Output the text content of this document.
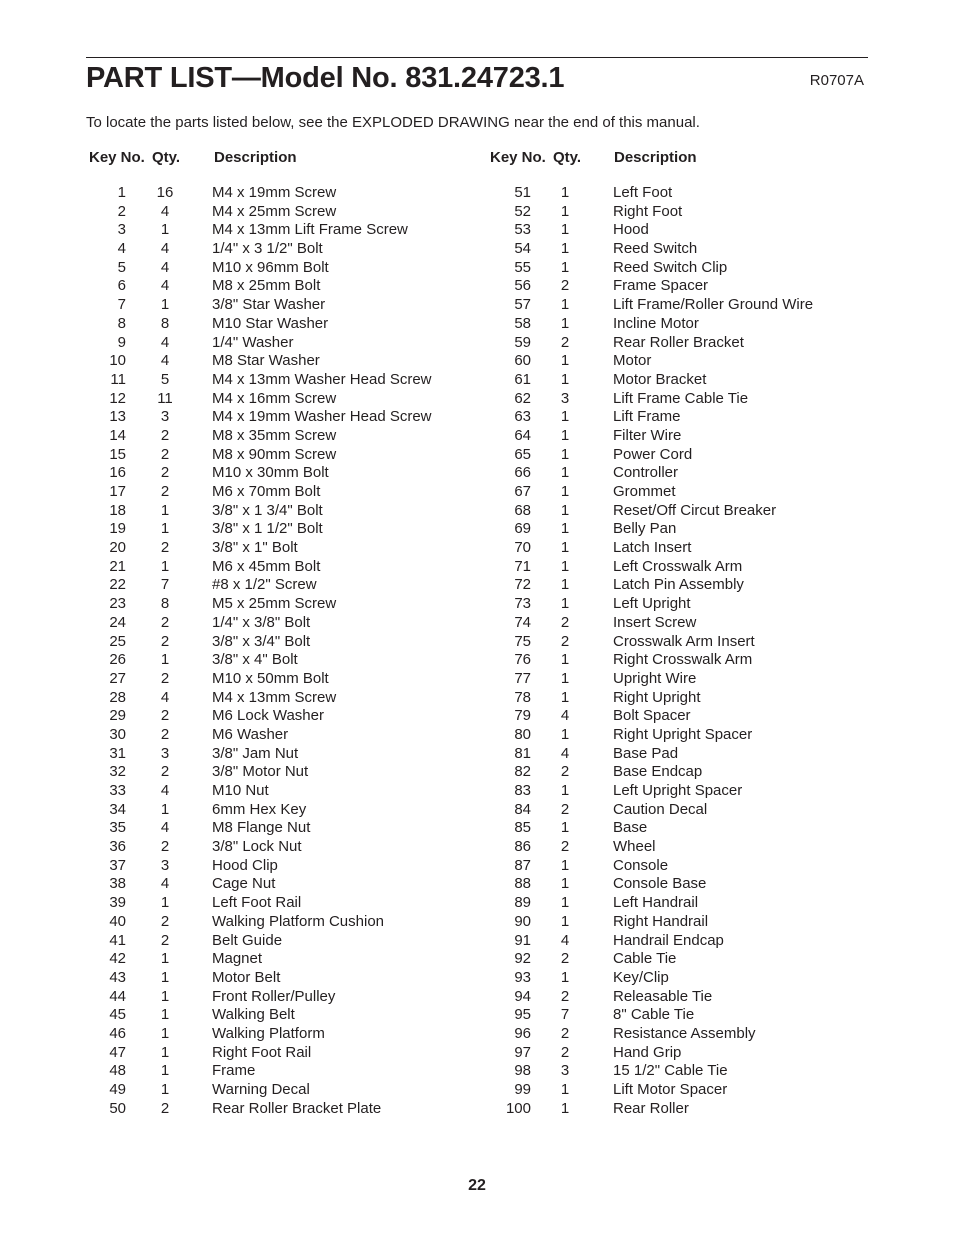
PART LIST—Model No. 831.24723.1	R0707A
To locate the parts listed below, see the EXPLODED DRAWING near the end of this manual.
Key No. Qty. Description
1	16	M4 x 19mm Screw
2	4	M4 x 25mm Screw
3	1	M4 x 13mm Lift Frame Screw
4	4	1/4" x 3 1/2" Bolt
5	4	M10 x 96mm Bolt
6	4	M8 x 25mm Bolt
7	1	3/8" Star Washer
8	8	M10 Star Washer
9	4	1/4" Washer
10	4	M8 Star Washer
11	5	M4 x 13mm Washer Head Screw
12	11	M4 x 16mm Screw
13	3	M4 x 19mm Washer Head Screw
14	2	M8 x 35mm Screw
15	2	M8 x 90mm Screw
16	2	M10 x 30mm Bolt
17	2	M6 x 70mm Bolt
18	1	3/8" x 1 3/4" Bolt
19	1	3/8" x 1 1/2" Bolt
20	2	3/8" x 1" Bolt
21	1	M6 x 45mm Bolt
22	7	#8 x 1/2" Screw
23	8	M5 x 25mm Screw
24	2	1/4" x 3/8" Bolt
25	2	3/8" x 3/4" Bolt
26	1	3/8" x 4" Bolt
27	2	M10 x 50mm Bolt
28	4	M4 x 13mm Screw
29	2	M6 Lock Washer
30	2	M6 Washer
31	3	3/8" Jam Nut
32	2	3/8" Motor Nut
33	4	M10 Nut
34	1	6mm Hex Key
35	4	M8 Flange Nut
36	2	3/8" Lock Nut
37	3	Hood Clip
38	4	Cage Nut
39	1	Left Foot Rail
40	2	Walking Platform Cushion
41	2	Belt Guide
42	1	Magnet
43	1	Motor Belt
44	1	Front Roller/Pulley
45	1	Walking Belt
46	1	Walking Platform
47	1	Right Foot Rail
48	1	Frame
49	1	Warning Decal
50	2	Rear Roller Bracket Plate
Key No. Qty. Description
51	1	Left Foot
52	1	Right Foot
53	1	Hood
54	1	Reed Switch
55	1	Reed Switch Clip
56	2	Frame Spacer
57	1	Lift Frame/Roller Ground Wire
58	1	Incline Motor
59	2	Rear Roller Bracket
60	1	Motor
61	1	Motor Bracket
62	3	Lift Frame Cable Tie
63	1	Lift Frame
64	1	Filter Wire
65	1	Power Cord
66	1	Controller
67	1	Grommet
68	1	Reset/Off Circut Breaker
69	1	Belly Pan
70	1	Latch Insert
71	1	Left Crosswalk Arm
72	1	Latch Pin Assembly
73	1	Left Upright
74	2	Insert Screw
75	2	Crosswalk Arm Insert
76	1	Right Crosswalk Arm
77	1	Upright Wire
78	1	Right Upright
79	4	Bolt Spacer
80	1	Right Upright Spacer
81	4	Base Pad
82	2	Base Endcap
83	1	Left Upright Spacer
84	2	Caution Decal
85	1	Base
86	2	Wheel
87	1	Console
88	1	Console Base
89	1	Left Handrail
90	1	Right Handrail
91	4	Handrail Endcap
92	2	Cable Tie
93	1	Key/Clip
94	2	Releasable Tie
95	7	8" Cable Tie
96	2	Resistance Assembly
97	2	Hand Grip
98	3	15 1/2" Cable Tie
99	1	Lift Motor Spacer
100	1	Rear Roller
22
